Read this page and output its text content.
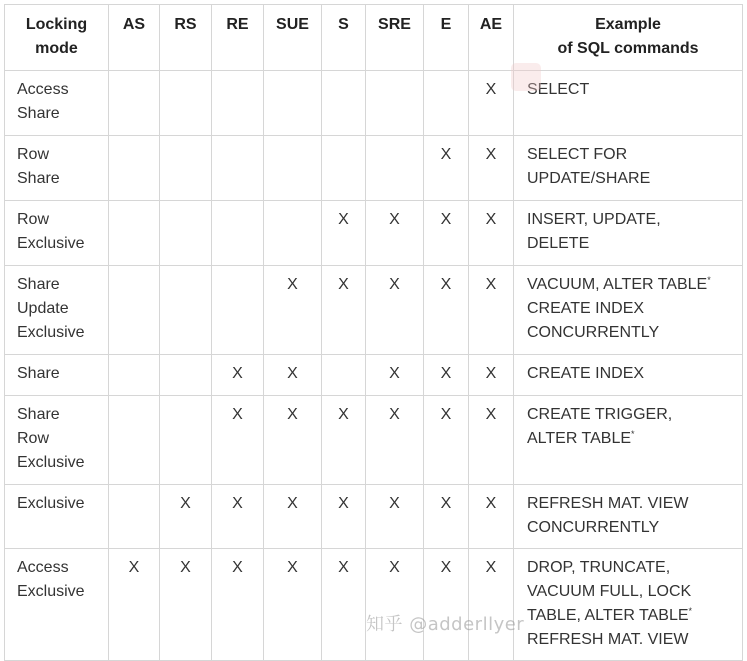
Locking
mode	AS	RS	RE	SUE	S	SRE	E	AE	Example
of SQL commands

Access
Share								X	SELECT

Row
Share							X	X	SELECT FOR
UPDATE/SHARE

Row
Exclusive					X	X	X	X	INSERT, UPDATE,
DELETE

Share
Update
Exclusive				X	X	X	X	X	VACUUM, ALTER TABLE*
CREATE INDEX
CONCURRENTLY

Share			X	X		X	X	X	CREATE INDEX

Share
Row
Exclusive			X	X	X	X	X	X	CREATE TRIGGER,
ALTER TABLE*

Exclusive		X	X	X	X	X	X	X	REFRESH MAT. VIEW
CONCURRENTLY

Access
Exclusive	X	X	X	X	X	X	X	X	DROP, TRUNCATE,
VACUUM FULL, LOCK
TABLE, ALTER TABLE*
REFRESH MAT. VIEW
知乎 @adderllyer
